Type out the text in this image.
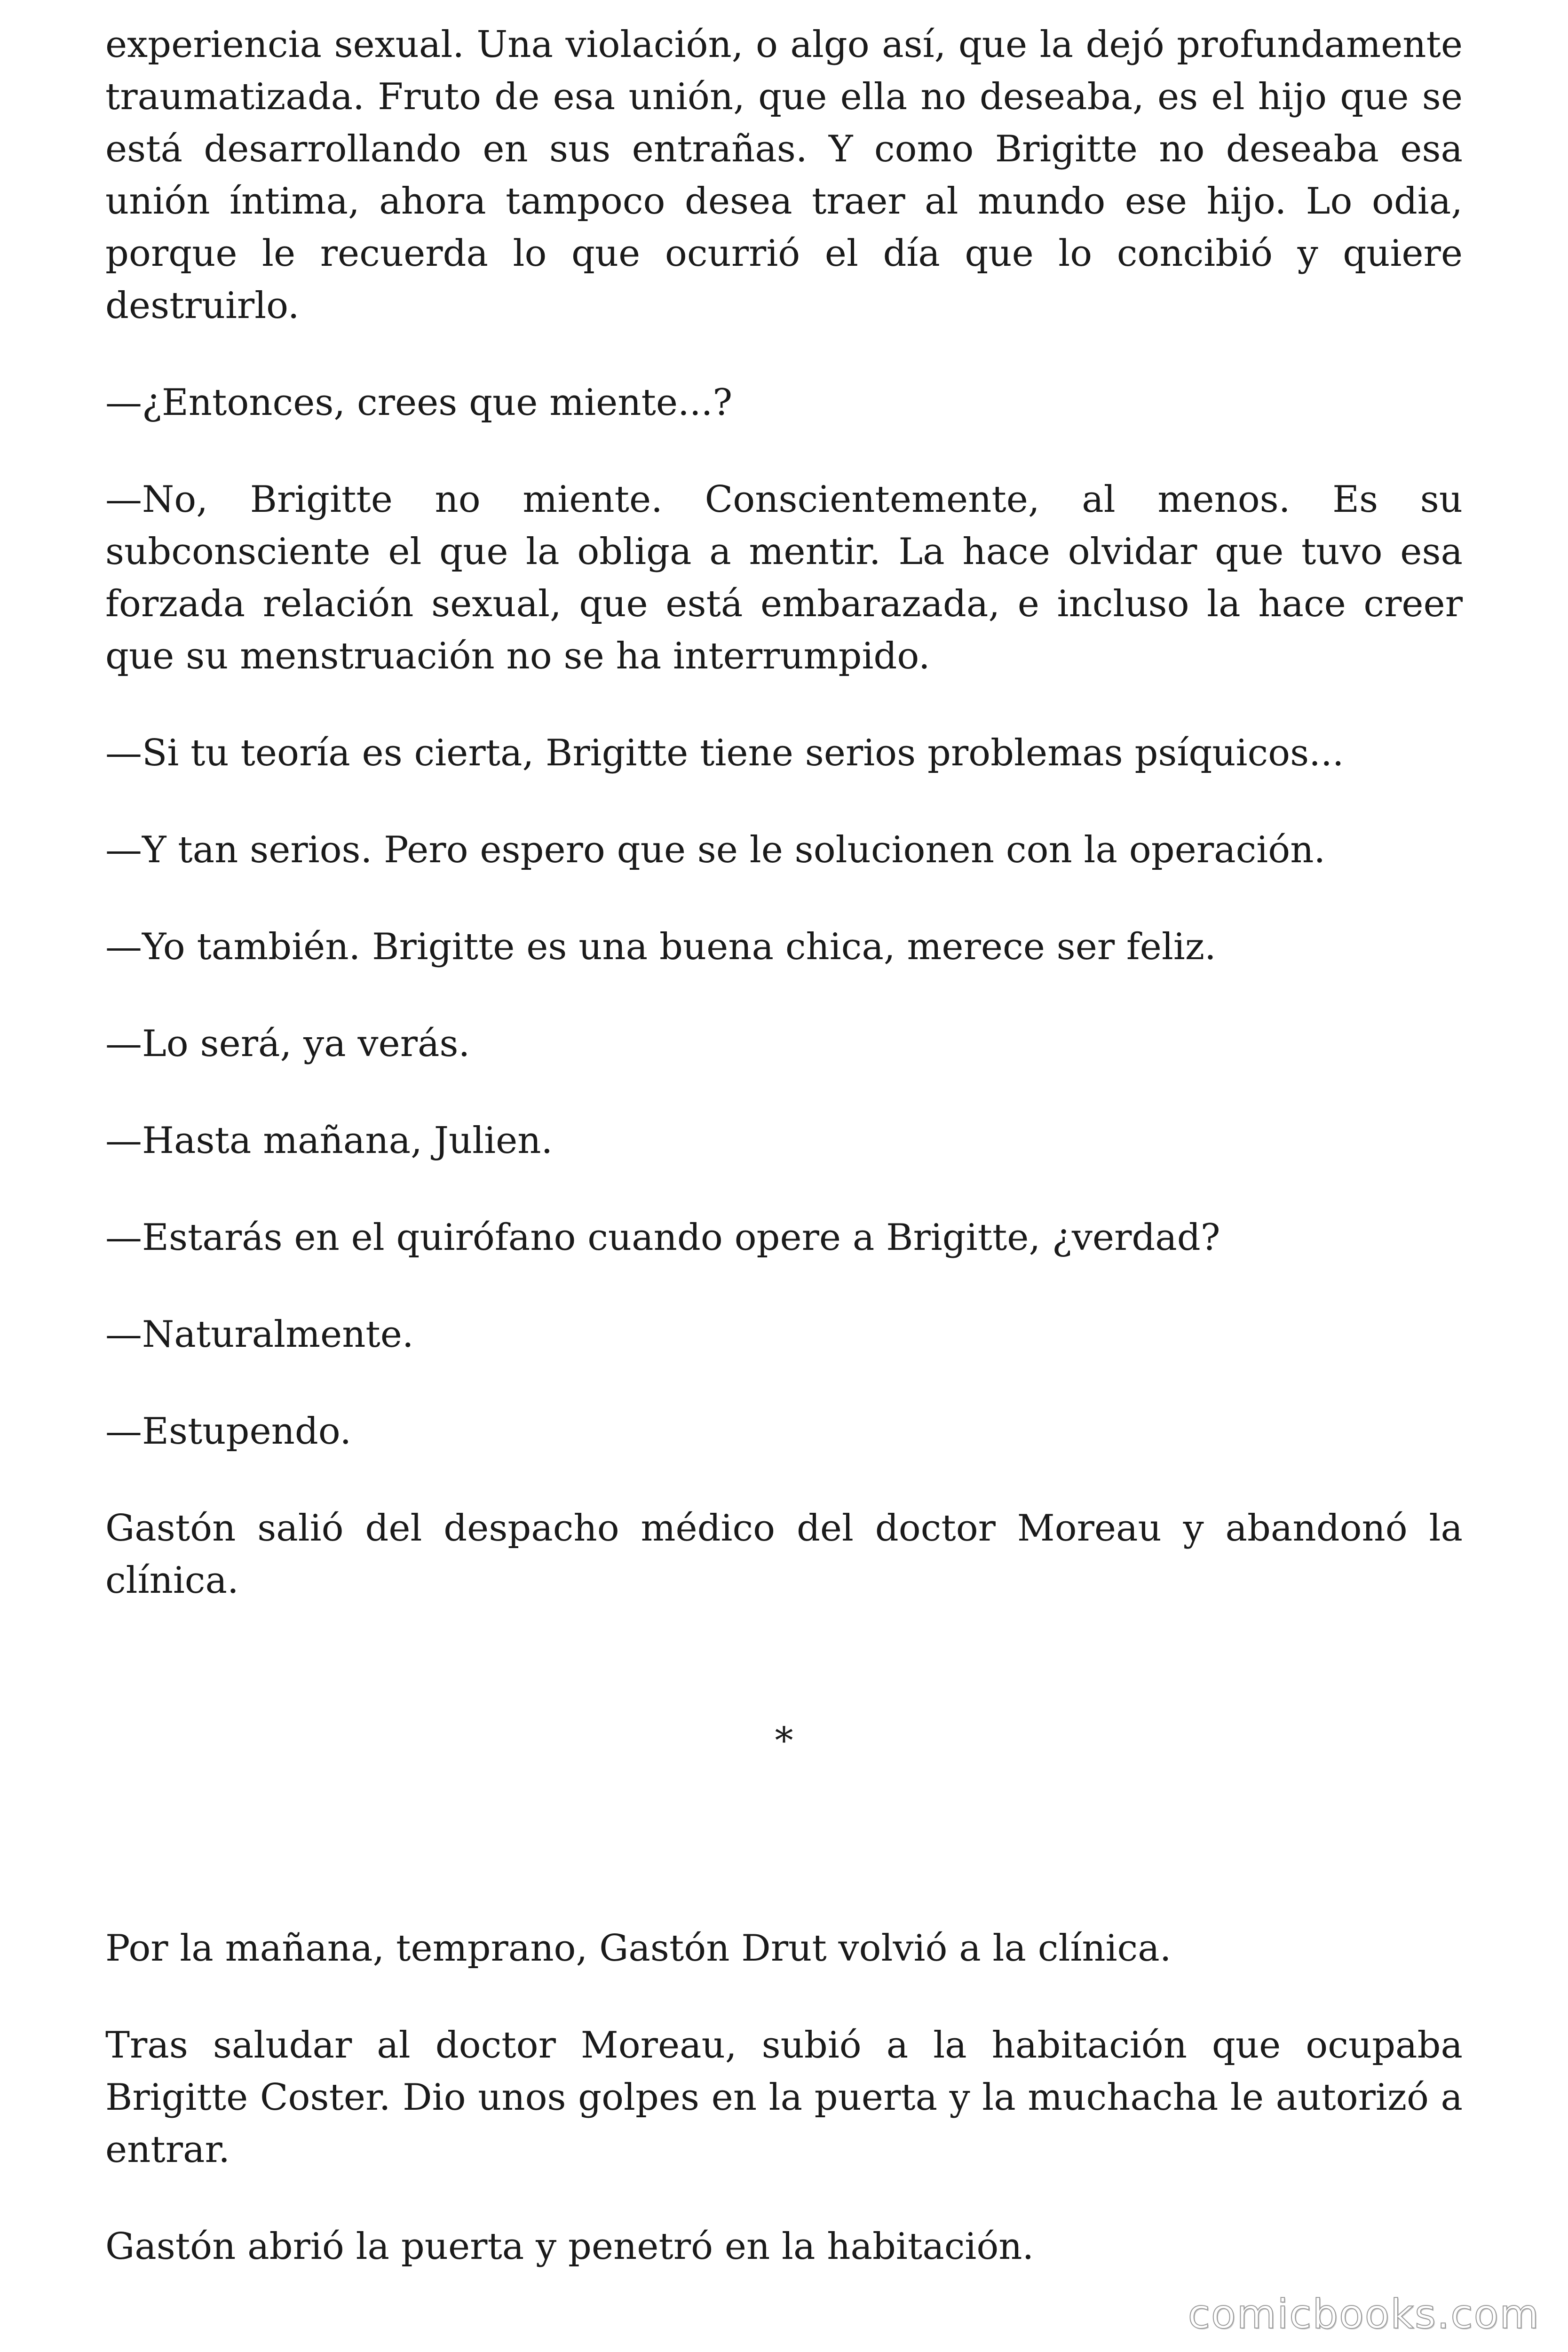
experiencia sexual. Una violación, o algo así, que la dejó profundamente traumatizada. Fruto de esa unión, que ella no deseaba, es el hijo que se está desarrollando en sus entrañas. Y como Brigitte no deseaba esa unión íntima, ahora tampoco desea traer al mundo ese hijo. Lo odia, porque le recuerda lo que ocurrió el día que lo concibió y quiere destruirlo.

—¿Entonces, crees que miente...?

—No, Brigitte no miente. Conscientemente, al menos. Es su subconsciente el que la obliga a mentir. La hace olvidar que tuvo esa forzada relación sexual, que está embarazada, e incluso la hace creer que su menstruación no se ha interrumpido.

—Si tu teoría es cierta, Brigitte tiene serios problemas psíquicos...

—Y tan serios. Pero espero que se le solucionen con la operación.

—Yo también. Brigitte es una buena chica, merece ser feliz.

—Lo será, ya verás.

—Hasta mañana, Julien.

—Estarás en el quirófano cuando opere a Brigitte, ¿verdad?

—Naturalmente.

—Estupendo.

Gastón salió del despacho médico del doctor Moreau y abandonó la clínica.

*

Por la mañana, temprano, Gastón Drut volvió a la clínica.

Tras saludar al doctor Moreau, subió a la habitación que ocupaba Brigitte Coster. Dio unos golpes en la puerta y la muchacha le autorizó a entrar.

Gastón abrió la puerta y penetró en la habitación.

comicbooks.com
